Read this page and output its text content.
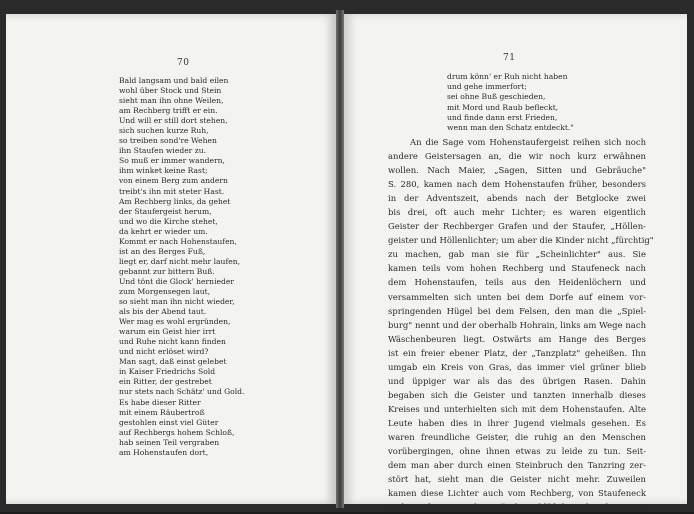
70
Bald langsam und bald eilen
wohl über Stock und Stein
sieht man ihn ohne Weilen,
am Rechberg trifft er ein.
Und will er still dort stehen,
sich suchen kurze Ruh,
so treiben sond're Wehen
ihn Staufen wieder zu.
So muß er immer wandern,
ihm winket keine Rast;
von einem Berg zum andern
treibt's ihn mit steter Hast.
Am Rechberg links, da gehet
der Staufergeist herum,
und wo die Kirche stehet,
da kehrt er wieder um.
Kommt er nach Hohenstaufen,
ist an des Berges Fuß,
liegt er, darf nicht mehr laufen,
gebannt zur bittern Buß.
Und tönt die Glock' hernieder
zum Morgensegen laut,
so sieht man ihn nicht wieder,
als bis der Abend taut.
Wer mag es wohl ergründen,
warum ein Geist hier irrt
und Ruhe nicht kann finden
und nicht erlöset wird?
Man sagt, daß einst gelebet
in Kaiser Friedrichs Sold
ein Ritter, der gestrebet
nur stets nach Schätz' und Gold.
Es habe dieser Ritter
mit einem Räubertroß
gestohlen einst viel Güter
auf Rechbergs hohem Schloß,
hab seinen Teil vergraben
am Hohenstaufen dort,
71
drum könn' er Ruh nicht haben
und gehe immerfort;
sei ohne Buß geschieden,
mit Mord und Raub befleckt,
und finde dann erst Frieden,
wenn man den Schatz entdeckt."
An die Sage vom Hohenstaufergeist reihen sich noch
andere Geistersagen an, die wir noch kurz erwähnen
wollen. Nach Maier, „Sagen, Sitten und Gebräuche"
S. 280, kamen nach dem Hohenstaufen früher, besonders
in der Adventszeit, abends nach der Betglocke zwei
bis drei, oft auch mehr Lichter; es waren eigentlich
Geister der Rechberger Grafen und der Staufer, „Höllen-
geister und Höllenlichter; um aber die Kinder nicht „fürchtig"
zu machen, gab man sie für „Scheinlichter" aus. Sie
kamen teils vom hohen Rechberg und Staufeneck nach
dem Hohenstaufen, teils aus den Heidenlöchern und
versammelten sich unten bei dem Dorfe auf einem vor-
springenden Hügel bei dem Felsen, den man die „Spiel-
burg" nennt und der oberhalb Hohrain, links am Wege nach
Wäschenbeuren liegt. Ostwärts am Hange des Berges
ist ein freier ebener Platz, der „Tanzplatz" geheißen. Ihn
umgab ein Kreis von Gras, das immer viel grüner blieb
und üppiger war als das des übrigen Rasen. Dahin
begaben sich die Geister und tanzten innerhalb dieses
Kreises und unterhielten sich mit dem Hohenstaufen. Alte
Leute haben dies in ihrer Jugend vielmals gesehen. Es
waren freundliche Geister, die ruhig an den Menschen
vorübergingen, ohne ihnen etwas zu leide zu tun. Seit-
dem man aber durch einen Steinbruch den Tanzring zer-
stört hat, sieht man die Geister nicht mehr. Zuweilen
kamen diese Lichter auch vom Rechberg, von Staufeneck
und Staufen zum nahen Wäscherschlößchen, der alten Burg
